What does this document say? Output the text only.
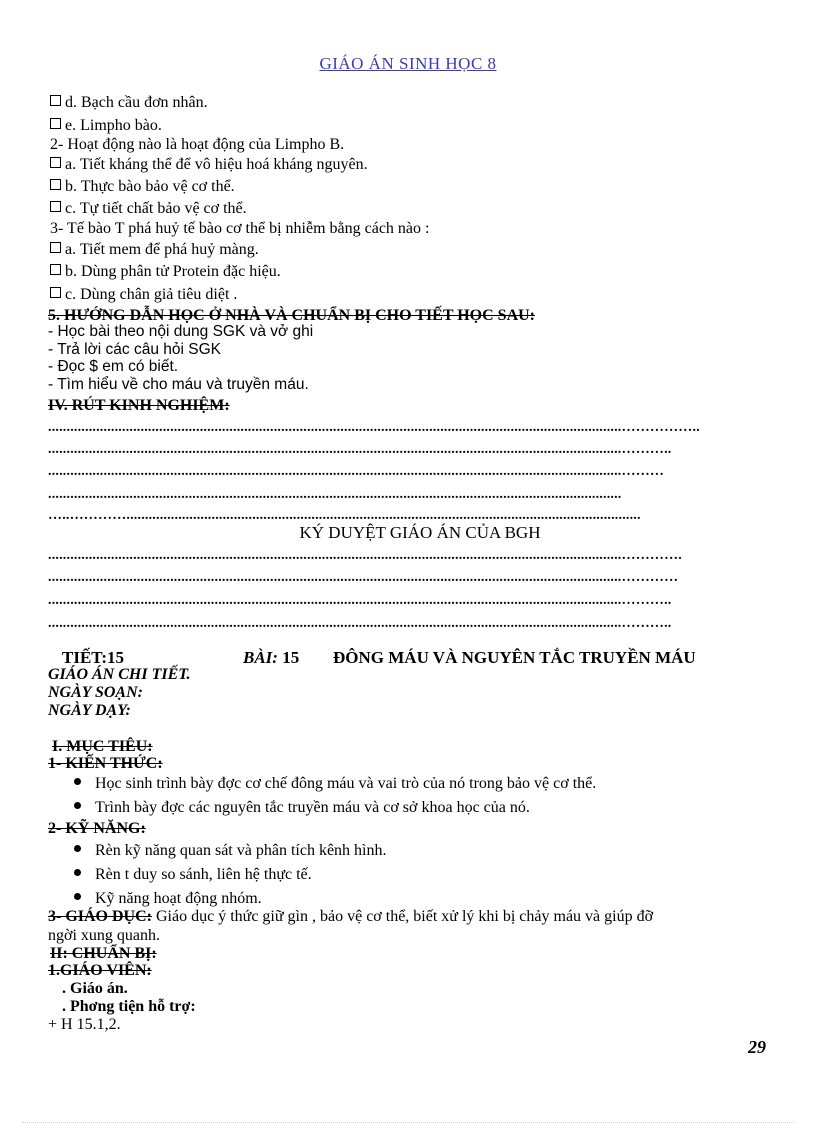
GIÁO ÁN SINH HỌC 8
d. Bạch cầu đơn nhân.
e. Limpho bào.
2- Hoạt động nào là hoạt động của Limpho B.
a. Tiết kháng thể để vô hiệu hoá kháng nguyên.
b. Thực bào bảo vệ cơ thể.
c. Tự tiết chất bảo vệ cơ thể.
3- Tế bào T phá huỷ tế bào cơ thể bị nhiễm bằng cách nào :
a. Tiết mem để phá huỷ màng.
b. Dùng phân tử Protein đặc hiệu.
c. Dùng chân giả tiêu diệt .
5. HƯỚNG DẪN HỌC Ở NHÀ VÀ CHUẨN BỊ CHO TIẾT HỌC SAU:
- Học bài theo nội dung SGK và vở ghi
- Trả lời các câu hỏi SGK
- Đọc $ em có biết.
- Tìm hiểu về cho máu và truyền máu.
IV. RÚT KINH NGHIỆM:
...........................................................................................................................................................……………..
...........................................................................................................................................................………..
...........................................................................................................................................................………
...........................................................................................................................................................
…..…………...........................................................................................................................................
KÝ DUYỆT GIÁO ÁN CỦA BGH
...........................................................................................................................................................………….
...........................................................................................................................................................…………
...........................................................................................................................................................………..
...........................................................................................................................................................………..
TIẾT:15	BÀI: 15 ĐÔNG MÁU VÀ NGUYÊN TẮC TRUYỀN MÁU
GIÁO ÁN CHI TIẾT.
NGÀY SOẠN:
NGÀY DẠY:
I. MỤC TIÊU:
1- KIẾN THỨC:
Học sinh trình bày đợc cơ chế đông máu và vai trò của nó trong bảo vệ cơ thể.
Trình bày đợc các nguyên tắc truyền máu và cơ sở khoa học của nó.
2- KỸ NĂNG:
Rèn kỹ năng quan sát và phân tích kênh hình.
Rèn t duy so sánh, liên hệ thực tế.
Kỹ năng hoạt động nhóm.
3- GIÁO DỤC: Giáo dục ý thức giữ gìn , bảo vệ cơ thể, biết xử lý khi bị chảy máu và giúp đỡ
ngời xung quanh.
II: CHUẨN BỊ:
1.GIÁO VIÊN:
. Giáo án.
. Phơng tiện hỗ trợ:
+ H 15.1,2.
29
